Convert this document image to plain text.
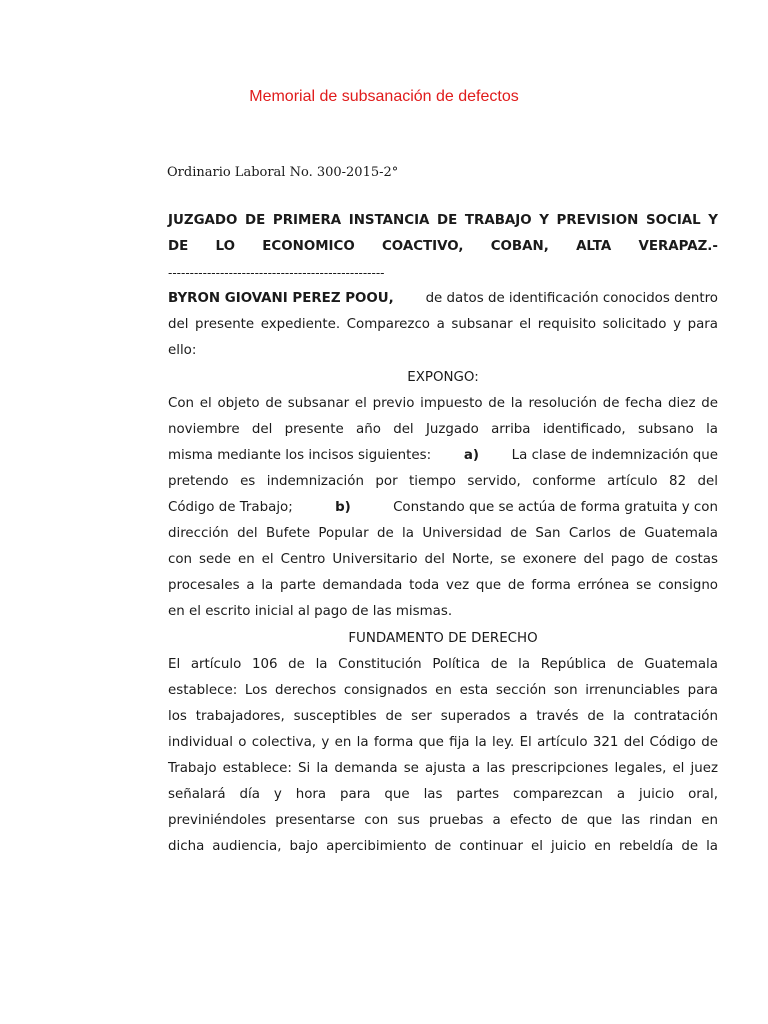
Memorial de subsanación de defectos
Ordinario Laboral No. 300-2015-2°
JUZGADO DE PRIMERA INSTANCIA DE TRABAJO Y PREVISION SOCIAL Y
DE LO ECONOMICO COACTIVO, COBAN, ALTA VERAPAZ.-
--------------------------------------------------
BYRON GIOVANI PEREZ POOU, de datos de identificación conocidos dentro
del presente expediente. Comparezco a subsanar el requisito solicitado y para
ello:
EXPONGO:
Con el objeto de subsanar el previo impuesto de la resolución de fecha diez de
noviembre del presente año del Juzgado arriba identificado, subsano la
misma mediante los incisos siguientes: a) La clase de indemnización que
pretendo es indemnización por tiempo servido, conforme artículo 82 del
Código de Trabajo;	b)	Constando que se actúa de forma gratuita y con
dirección del Bufete Popular de la Universidad de San Carlos de Guatemala
con sede en el Centro Universitario del Norte, se exonere del pago de costas
procesales a la parte demandada toda vez que de forma errónea se consigno
en el escrito inicial al pago de las mismas.
FUNDAMENTO DE DERECHO
El artículo 106 de la Constitución Política de la República de Guatemala
establece: Los derechos consignados en esta sección son irrenunciables para
los trabajadores, susceptibles de ser superados a través de la contratación
individual o colectiva, y en la forma que fija la ley. El artículo 321 del Código de
Trabajo establece: Si la demanda se ajusta a las prescripciones legales, el juez
señalará día y hora para que las partes comparezcan a juicio oral,
previniéndoles presentarse con sus pruebas a efecto de que las rindan en
dicha audiencia, bajo apercibimiento de continuar el juicio en rebeldía de la
